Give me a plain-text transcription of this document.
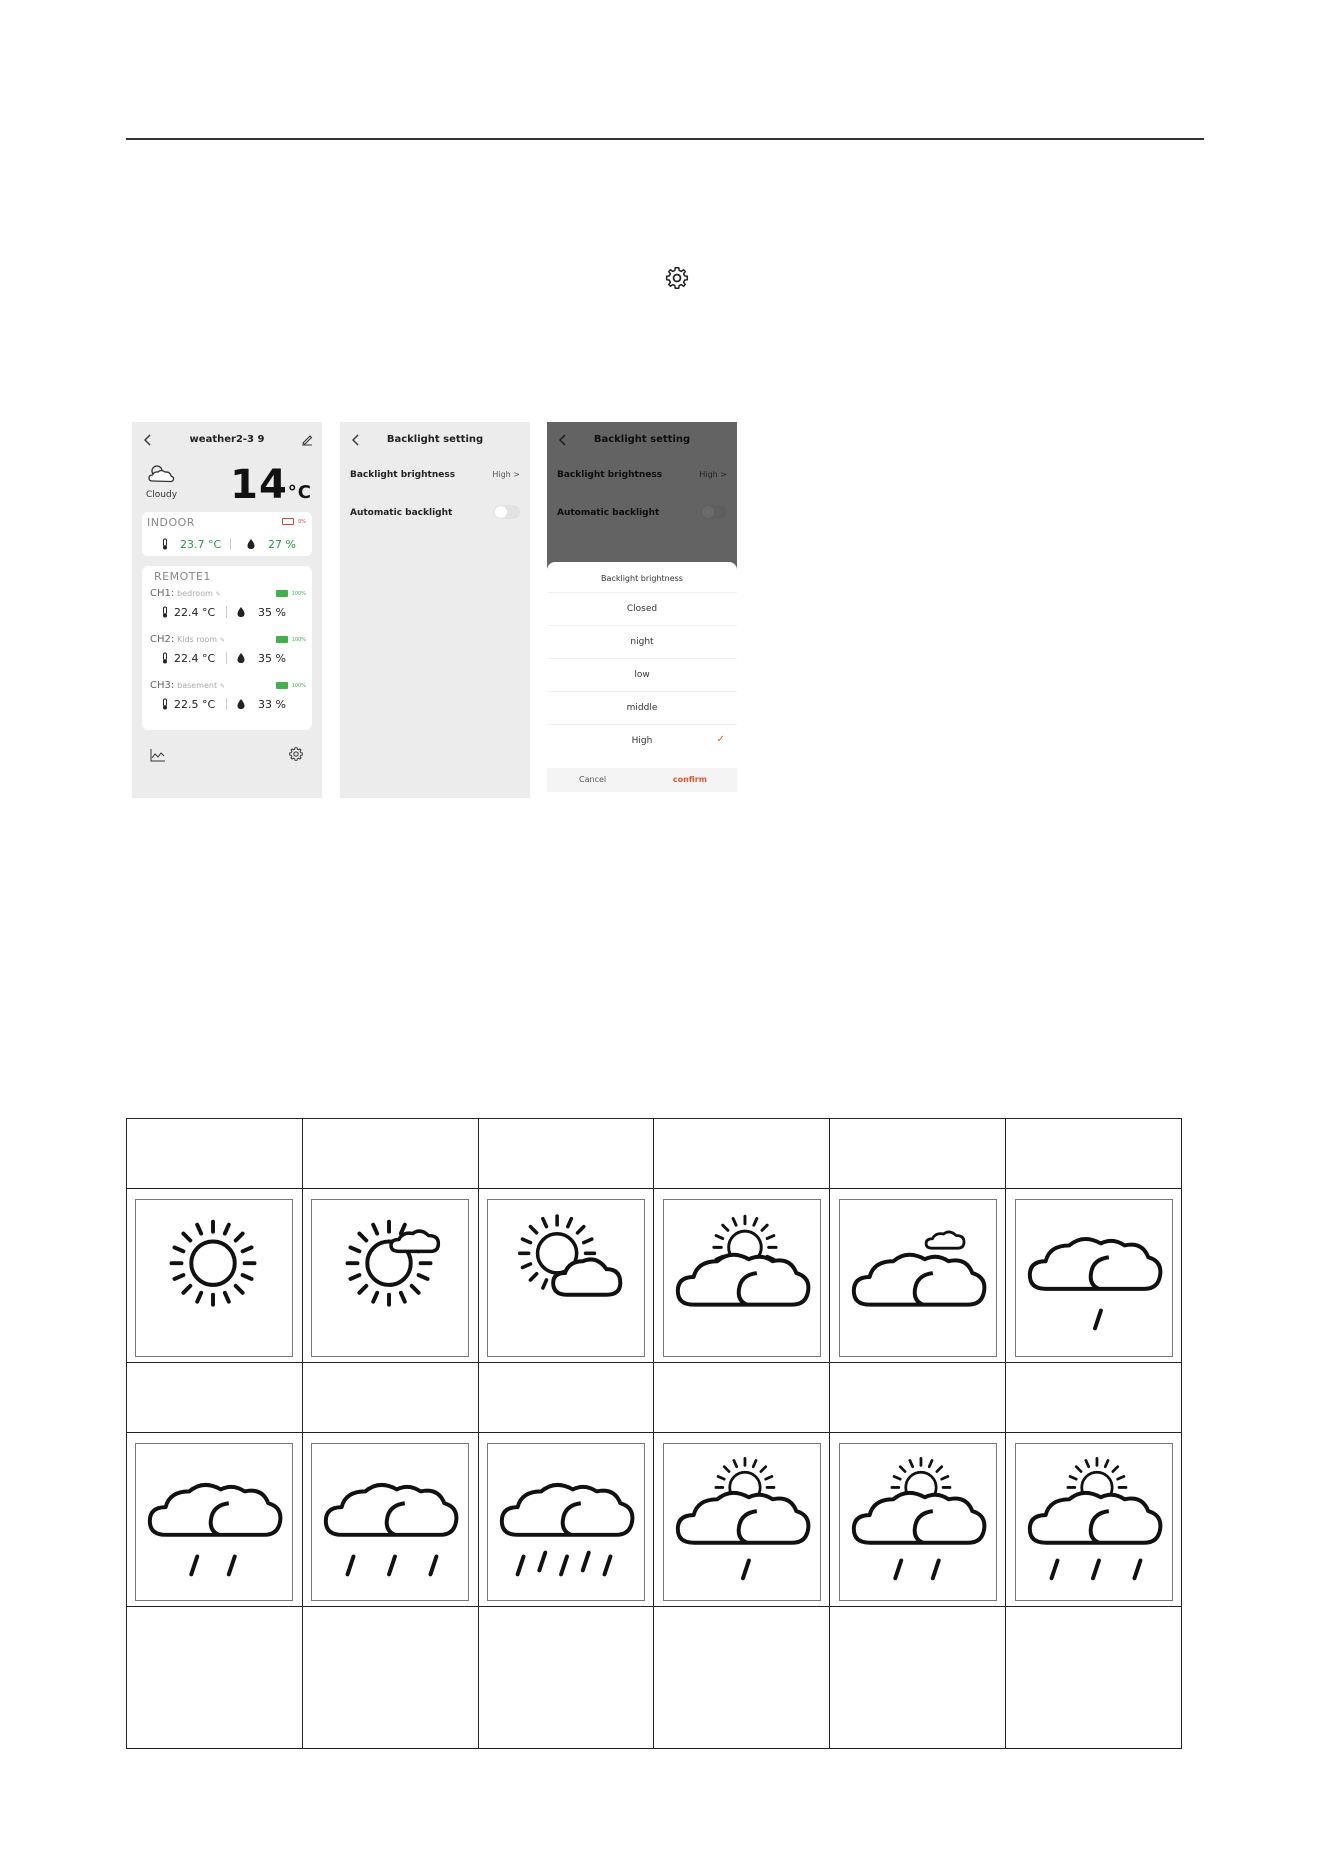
weather2-3 9
Cloudy 14°C
INDOOR	0%
23.7 °C	27 %
REMOTE1
CH1: bedroom ✎	100%
22.4 °C	35 %
CH2: Kids room ✎	100%
22.4 °C	35 %
CH3: basement ✎	100%
22.5 °C	33 %
Backlight setting
Backlight brightness	High >
Automatic backlight
Backlight brightness
Closed
night
low
middle
High	✓
Cancel	confirm
